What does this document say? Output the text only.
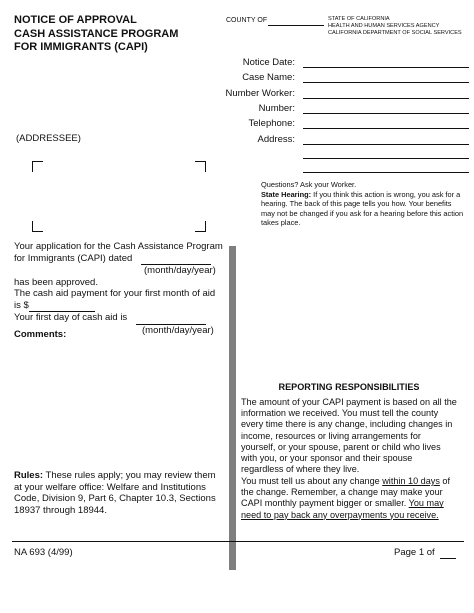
NOTICE OF APPROVAL
CASH ASSISTANCE PROGRAM
FOR IMMIGRANTS (CAPI)
COUNTY OF	STATE OF CALIFORNIA
HEALTH AND HUMAN SERVICES AGENCY
CALIFORNIA DEPARTMENT OF SOCIAL SERVICES
Notice Date:
Case Name:
Number Worker:
Number:
Telephone:
Address:
(ADDRESSEE)
Questions? Ask your Worker.
State Hearing: If you think this action is wrong, you ask for a hearing. The back of this page tells you how. Your benefits may not be changed if you ask for a hearing before this action takes place.
Your application for the Cash Assistance Program
for Immigrants (CAPI) dated
(month/day/year)
has been approved.
The cash aid payment for your first month of aid
is $
Your first day of cash aid is
(month/day/year)
Comments:
Rules: These rules apply; you may review them at your welfare office: Welfare and Institutions Code, Division 9, Part 6, Chapter 10.3, Sections 18937 through 18944.
REPORTING RESPONSIBILITIES
The amount of your CAPI payment is based on all the information we received. You must tell the county every time there is any change, including changes in income, resources or living arrangements for yourself, or your spouse, parent or child who lives with you, or your sponsor and their spouse regardless of where they live.
You must tell us about any change within 10 days of the change. Remember, a change may make your CAPI monthly payment bigger or smaller. You may need to pay back any overpayments you receive.
NA 693 (4/99)	Page 1 of
